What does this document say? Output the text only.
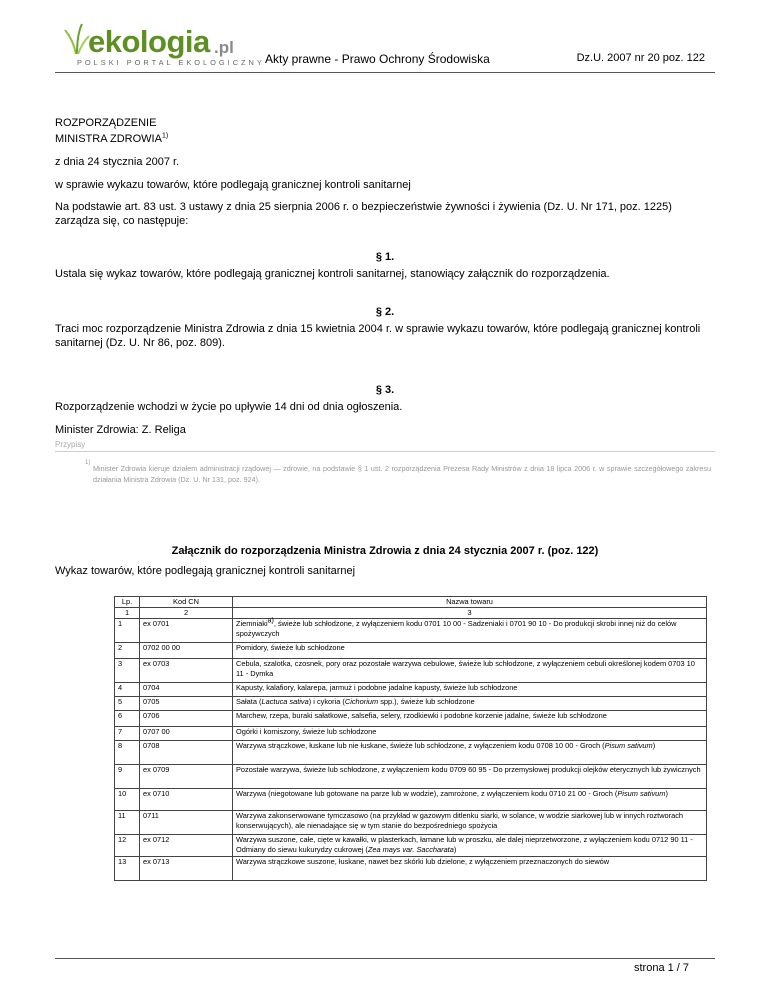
ekologia .pl
POLSKI PORTAL EKOLOGICZNY Akty prawne - Prawo Ochrony Środowiska	Dz.U. 2007 nr 20 poz. 122
ROZPORZĄDZENIE
MINISTRA ZDROWIA$^{1)}$
z dnia 24 stycznia 2007 r.
w sprawie wykazu towarów, które podlegają granicznej kontroli sanitarnej
Na podstawie art. 83 ust. 3 ustawy z dnia 25 sierpnia 2006 r. o bezpieczeństwie żywności i żywienia (Dz. U. Nr 171, poz. 1225) zarządza się, co następuje:
§ 1.
Ustala się wykaz towarów, które podlegają granicznej kontroli sanitarnej, stanowiący załącznik do rozporządzenia.
§ 2.
Traci moc rozporządzenie Ministra Zdrowia z dnia 15 kwietnia 2004 r. w sprawie wykazu towarów, które podlegają granicznej kontroli sanitarnej (Dz. U. Nr 86, poz. 809).
§ 3.
Rozporządzenie wchodzi w życie po upływie 14 dni od dnia ogłoszenia.
Minister Zdrowia: Z. Religa
Przypisy
1)
Minister Zdrowia kieruje działem administracji rządowej — zdrowie, na podstawie § 1 ust. 2 rozporządzenia Prezesa Rady Ministrów z dnia 18 lipca 2006 r. w sprawie szczegółowego zakresu działania Ministra Zdrowia (Dz. U. Nr 131, poz. 924).
Załącznik do rozporządzenia Ministra Zdrowia z dnia 24 stycznia 2007 r. (poz. 122)
Wykaz towarów, które podlegają granicznej kontroli sanitarnej
Lp.	Kod CN	Nazwa towaru
1	2	3
1	ex 0701	Ziemniaki$^{a)}$, świeże lub schłodzone, z wyłączeniem kodu 0701 10 00 - Sadzeniaki i 0701 90 10 - Do produkcji skrobi innej niż do celów spożywczych
2	0702 00 00	Pomidory, świeże lub schłodzone
3	ex 0703	Cebula, szalotka, czosnek, pory oraz pozostałe warzywa cebulowe, świeże lub schłodzone, z wyłączeniem cebuli określonej kodem 0703 10 11 - Dymka
4	0704	Kapusty, kalafiory, kalarepa, jarmuż i podobne jadalne kapusty, świeże lub schłodzone
5	0705	Sałata (Lactuca sativa) i cykoria (Cichorium spp.), świeże lub schłodzone
6	0706	Marchew, rzepa, buraki sałatkowe, salsefia, selery, rzodkiewki i podobne korzenie jadalne, świeże lub schłodzone
7	0707 00	Ogórki i korniszony, świeże lub schłodzone
8	0708	Warzywa strączkowe, łuskane lub nie łuskane, świeże lub schłodzone, z wyłączeniem kodu 0708 10 00 - Groch (Pisum sativum)
9	ex 0709	Pozostałe warzywa, świeże lub schłodzone, z wyłączeniem kodu 0709 60 95 - Do przemysłowej produkcji olejków eterycznych lub żywicznych
10	ex 0710	Warzywa (niegotowane lub gotowane na parze lub w wodzie), zamrożone, z wyłączeniem kodu 0710 21 00 - Groch (Pisum sativum)
11	0711	Warzywa zakonserwowane tymczasowo (na przykład w gazowym ditlenku siarki, w solance, w wodzie siarkowej lub w innych roztworach konserwujących), ale nienadające się w tym stanie do bezpośredniego spożycia
12	ex 0712	Warzywa suszone, całe, cięte w kawałki, w plasterkach, łamane lub w proszku, ale dalej nieprzetworzone, z wyłączeniem kodu 0712 90 11 - Odmiany do siewu kukurydzy cukrowej (Zea mays var. Saccharata)
13	ex 0713	Warzywa strączkowe suszone, łuskane, nawet bez skórki lub dzielone, z wyłączeniem przeznaczonych do siewów
strona 1 / 7
